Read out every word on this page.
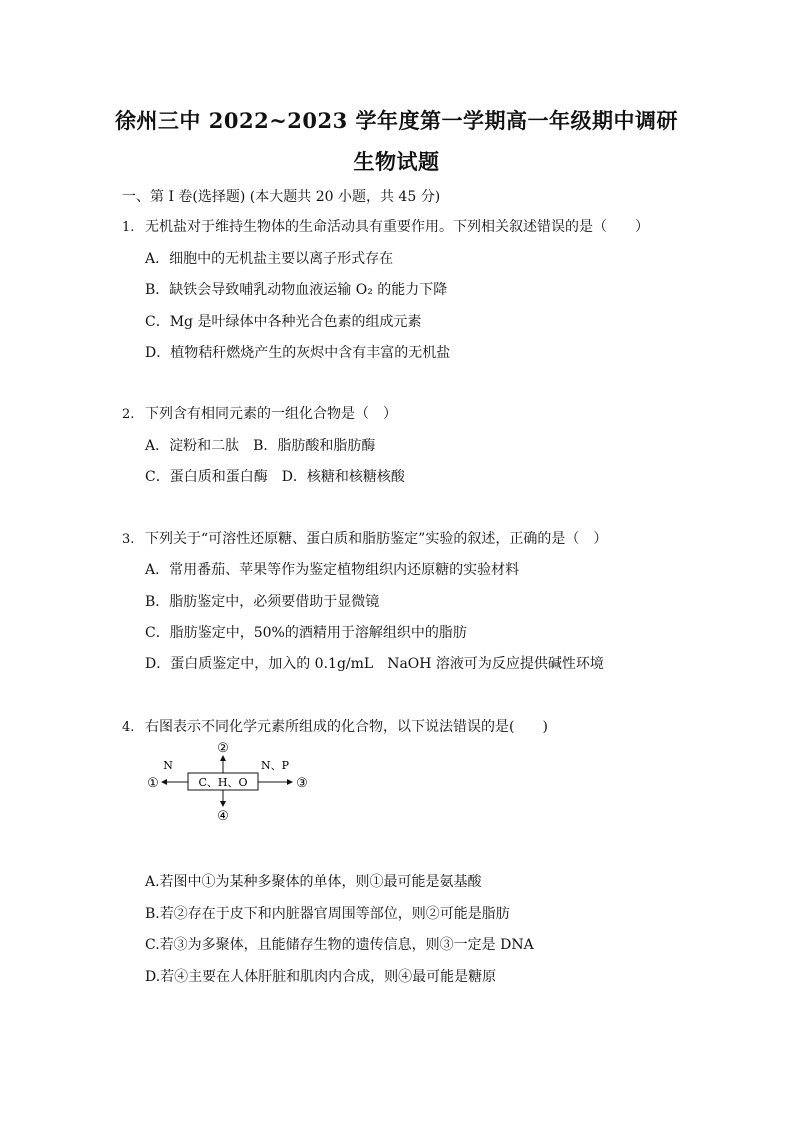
徐州三中 2022~2023 学年度第一学期高一年级期中调研
生物试题
一、第 I 卷(选择题) (本大题共 20 小题，共 45 分)
1. 无机盐对于维持生物体的生命活动具有重要作用。下列相关叙述错误的是（　　）
A．细胞中的无机盐主要以离子形式存在
B．缺铁会导致哺乳动物血液运输 O₂ 的能力下降
C．Mg 是叶绿体中各种光合色素的组成元素
D．植物秸秆燃烧产生的灰烬中含有丰富的无机盐
2. 下列含有相同元素的一组化合物是（　）
A．淀粉和二肽　B．脂肪酸和脂肪酶
C．蛋白质和蛋白酶　D．核糖和核糖核酸
3. 下列关于“可溶性还原糖、蛋白质和脂肪鉴定”实验的叙述，正确的是（　）
A．常用番茄、苹果等作为鉴定植物组织内还原糖的实验材料
B．脂肪鉴定中，必须要借助于显微镜
C．脂肪鉴定中，50%的酒精用于溶解组织中的脂肪
D．蛋白质鉴定中，加入的 0.1g/mL　NaOH 溶液可为反应提供碱性环境
4. 右图表示不同化学元素所组成的化合物，以下说法错误的是(　　)
C、H、O
②
④
①	③
N	N、P
A.若图中①为某种多聚体的单体，则①最可能是氨基酸
B.若②存在于皮下和内脏器官周围等部位，则②可能是脂肪
C.若③为多聚体，且能储存生物的遗传信息，则③一定是 DNA
D.若④主要在人体肝脏和肌肉内合成，则④最可能是糖原
